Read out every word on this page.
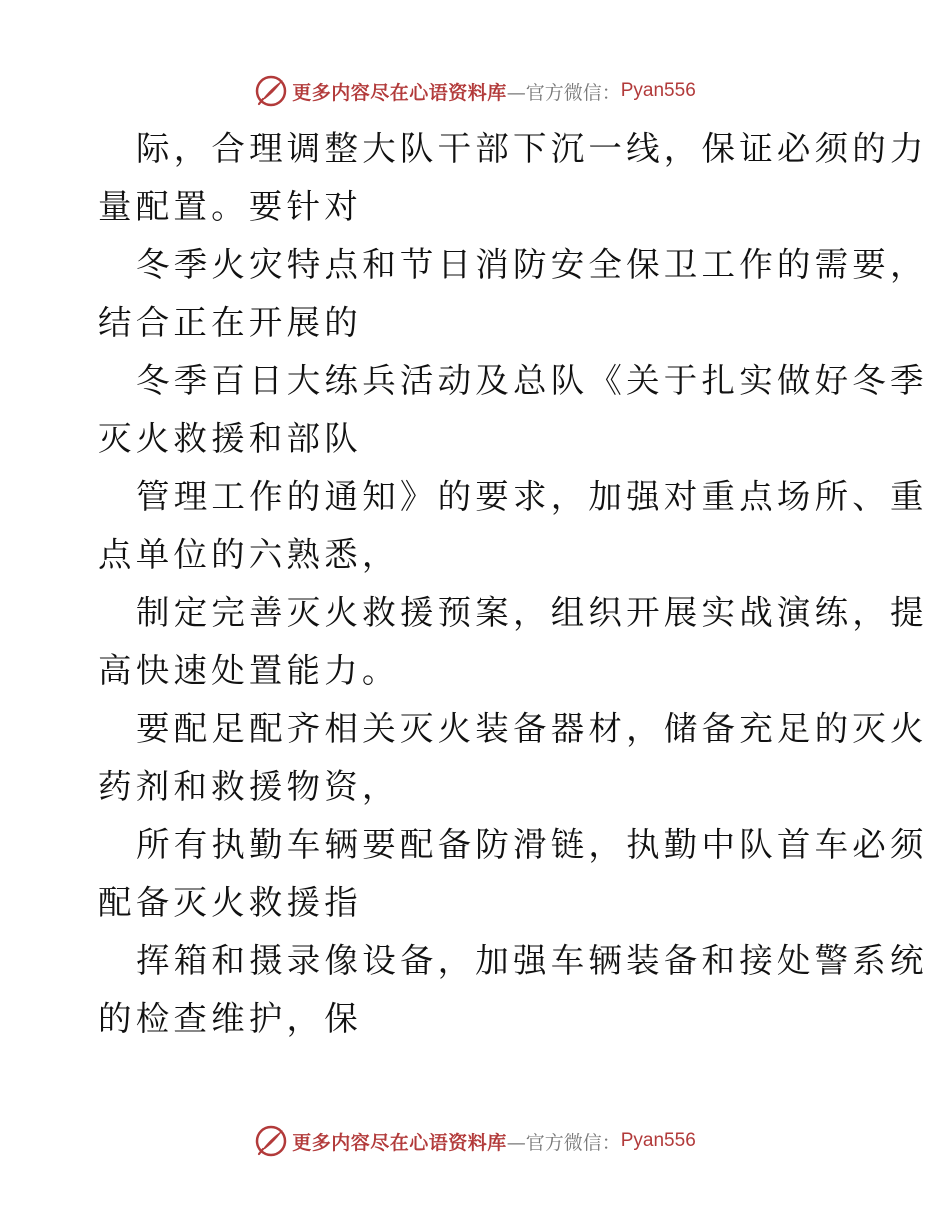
更多内容尽在心语资料库 —官方微信： Pyan556

际，合理调整大队干部下沉一线，保证必须的力
量配置。要针对

冬季火灾特点和节日消防安全保卫工作的需要，
结合正在开展的

冬季百日大练兵活动及总队《关于扎实做好冬季
灭火救援和部队

管理工作的通知》的要求，加强对重点场所、重
点单位的六熟悉，

制定完善灭火救援预案，组织开展实战演练，提
高快速处置能力。

要配足配齐相关灭火装备器材，储备充足的灭火
药剂和救援物资，

所有执勤车辆要配备防滑链，执勤中队首车必须
配备灭火救援指

挥箱和摄录像设备，加强车辆装备和接处警系统
的检查维护，保

更多内容尽在心语资料库 —官方微信： Pyan556
